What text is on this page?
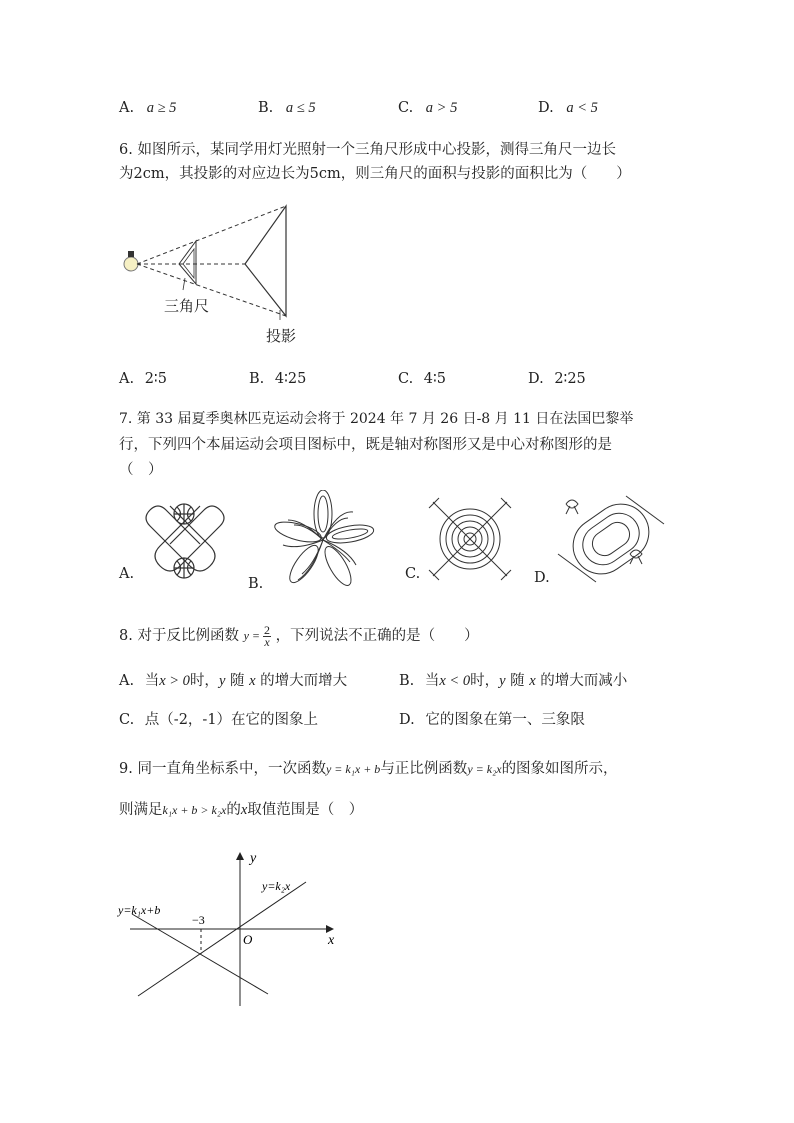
A. a ≥ 5	B. a ≤ 5	C. a > 5	D. a < 5
6. 如图所示，某同学用灯光照射一个三角尺形成中心投影，测得三角尺一边长
为2cm，其投影的对应边长为5cm，则三角尺的面积与投影的面积比为（　　）
三角尺
投影
A. 2∶5	B. 4∶25	C. 4∶5	D. 2∶25
7. 第 33 届夏季奥林匹克运动会将于 2024 年 7 月 26 日-8 月 11 日在法国巴黎举
行，下列四个本届运动会项目图标中，既是轴对称图形又是中心对称图形的是
（　）
A.
B.
C.	D.
8. 对于反比例函数 $y = \frac{2}{x}$ ，下列说法不正确的是（　　）
A. 当x > 0时，y 随 x 的增大而增大	B. 当x < 0时，y 随 x 的增大而减小
C. 点（-2，-1）在它的图象上	D. 它的图象在第一、三象限
9. 同一直角坐标系中，一次函数y = k₁x + b与正比例函数y = k₂x的图象如图所示，
则满足k₁x + b > k₂x的x取值范围是（　）
y
x
O
y=k₂x
y=k₁x+b
−3
